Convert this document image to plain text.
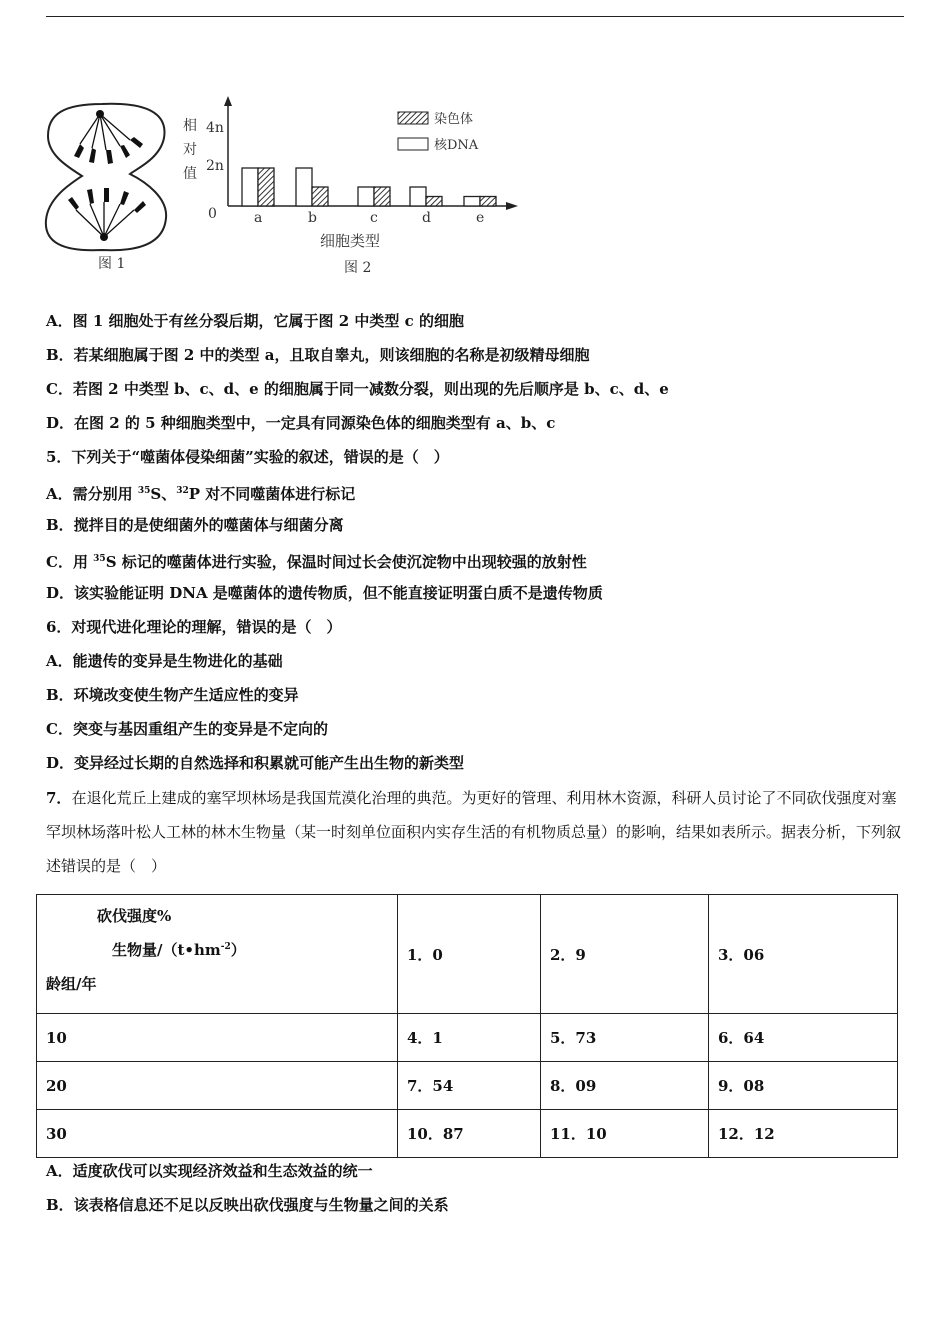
图 1
相
对
值
4n
2n
0	a	b	c	d	e
细胞类型
图 2
染色体
核DNA
A．图 1 细胞处于有丝分裂后期，它属于图 2 中类型 c 的细胞
B．若某细胞属于图 2 中的类型 a，且取自睾丸，则该细胞的名称是初级精母细胞
C．若图 2 中类型 b、c、d、e 的细胞属于同一减数分裂，则出现的先后顺序是 b、c、d、e
D．在图 2 的 5 种细胞类型中，一定具有同源染色体的细胞类型有 a、b、c
5．下列关于“噬菌体侵染细菌”实验的叙述，错误的是（　）
A．需分别用 $^{35}$S、$^{32}$P 对不同噬菌体进行标记
B．搅拌目的是使细菌外的噬菌体与细菌分离
C．用 $^{35}$S 标记的噬菌体进行实验，保温时间过长会使沉淀物中出现较强的放射性
D．该实验能证明 DNA 是噬菌体的遗传物质，但不能直接证明蛋白质不是遗传物质
6．对现代进化理论的理解，错误的是（　）
A．能遗传的变异是生物进化的基础
B．环境改变使生物产生适应性的变异
C．突变与基因重组产生的变异是不定向的
D．变异经过长期的自然选择和积累就可能产生出生物的新类型
7．在退化荒丘上建成的塞罕坝林场是我国荒漠化治理的典范。为更好的管理、利用林木资源，科研人员讨论了不同砍伐强度对塞罕坝林场落叶松人工林的林木生物量（某一时刻单位面积内实存生活的有机物质总量）的影响，结果如表所示。据表分析，下列叙述错误的是（　）
砍伐强度%
生物量$/(t•hm^{-2})$
龄组/年	1．0	2．9	3．06
10	4．1	5．73	6．64
20	7．54	8．09	9．08
30	10．87	11．10	12．12
A．适度砍伐可以实现经济效益和生态效益的统一
B．该表格信息还不足以反映出砍伐强度与生物量之间的关系
